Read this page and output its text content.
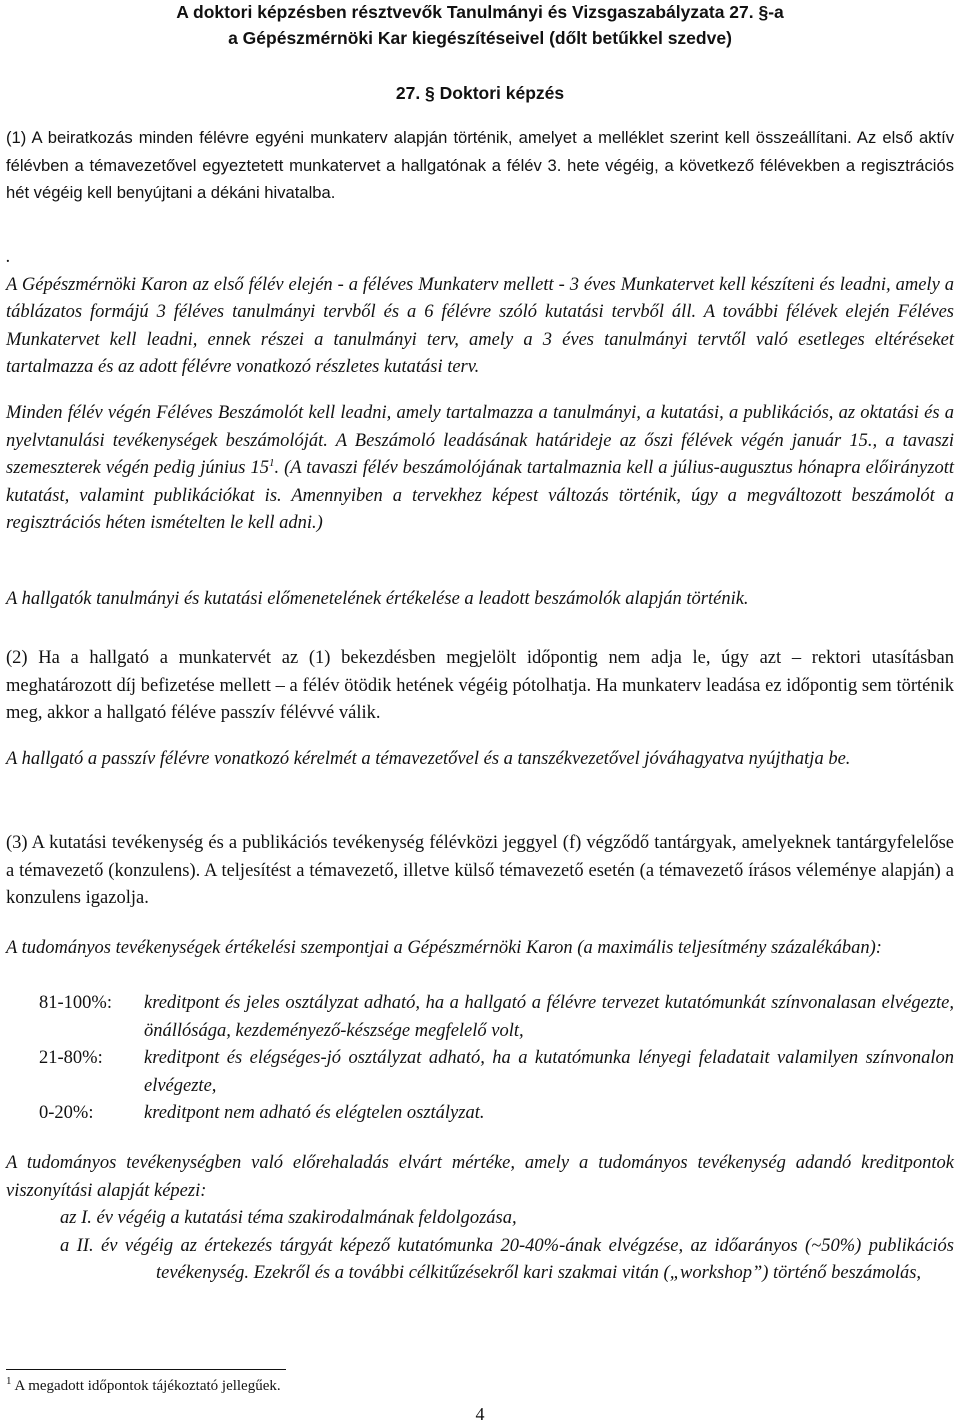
A doktori képzésben résztvevők Tanulmányi és Vizsgaszabályzata 27. §-a

a Gépészmérnöki Kar kiegészítéseivel (dőlt betűkkel szedve)

27. § Doktori képzés

(1) A beiratkozás minden félévre egyéni munkaterv alapján történik, amelyet a melléklet szerint kell összeállítani. Az első aktív félévben a témavezetővel egyeztetett munkatervet a hallgatónak a félév 3. hete végéig, a következő félévekben a regisztrációs hét végéig kell benyújtani a dékáni hivatalba.

.
A Gépészmérnöki Karon az első félév elején - a féléves Munkaterv mellett - 3 éves Munkatervet kell készíteni és leadni, amely a táblázatos formájú 3 féléves tanulmányi tervből és a 6 félévre szóló kutatási tervből áll. A további félévek elején Féléves Munkatervet kell leadni, ennek részei a tanulmányi terv, amely a 3 éves tanulmányi tervtől való esetleges eltéréseket tartalmazza és az adott félévre vonatkozó részletes kutatási terv.

Minden félév végén Féléves Beszámolót kell leadni, amely tartalmazza a tanulmányi, a kutatási, a publikációs, az oktatási és a nyelvtanulási tevékenységek beszámolóját. A Beszámoló leadásának határideje az őszi félévek végén január 15., a tavaszi szemeszterek végén pedig június 15$^1$. (A tavaszi félév beszámolójának tartalmaznia kell a július-augusztus hónapra előirányzott kutatást, valamint publikációkat is. Amennyiben a tervekhez képest változás történik, úgy a megváltozott beszámolót a regisztrációs héten ismételten le kell adni.)

A hallgatók tanulmányi és kutatási előmenetelének értékelése a leadott beszámolók alapján történik.

(2) Ha a hallgató a munkatervét az (1) bekezdésben megjelölt időpontig nem adja le, úgy azt ‒ rektori utasításban meghatározott díj befizetése mellett ‒ a félév ötödik hetének végéig pótolhatja. Ha munkaterv leadása ez időpontig sem történik meg, akkor a hallgató féléve passzív félévvé válik.

A hallgató a passzív félévre vonatkozó kérelmét a témavezetővel és a tanszékvezetővel jóváhagyatva nyújthatja be.

(3) A kutatási tevékenység és a publikációs tevékenység félévközi jeggyel (f) végződő tantárgyak, amelyeknek tantárgyfelelőse a témavezető (konzulens). A teljesítést a témavezető, illetve külső témavezető esetén (a témavezető írásos véleménye alapján) a konzulens igazolja.

A tudományos tevékenységek értékelési szempontjai a Gépészmérnöki Karon (a maximális teljesítmény százalékában):

81-100%:	kreditpont és jeles osztályzat adható, ha a hallgató a félévre tervezet kutatómunkát színvonalasan elvégezte, önállósága, kezdeményező-készsége megfelelő volt,
21-80%:	kreditpont és elégséges-jó osztályzat adható, ha a kutatómunka lényegi feladatait valamilyen színvonalon elvégezte,
0-20%:	kreditpont nem adható és elégtelen osztályzat.

A tudományos tevékenységben való előrehaladás elvárt mértéke, amely a tudományos tevékenység adandó kreditpontok viszonyítási alapját képezi:

az I. év végéig a kutatási téma szakirodalmának feldolgozása,

a II. év végéig az értekezés tárgyát képező kutatómunka 20-40%-ának elvégzése, az időarányos (~50%) publikációs tevékenység. Ezekről és a további célkitűzésekről kari szakmai vitán („workshop”) történő beszámolás,

$^1$ A megadott időpontok tájékoztató jellegűek.
4
